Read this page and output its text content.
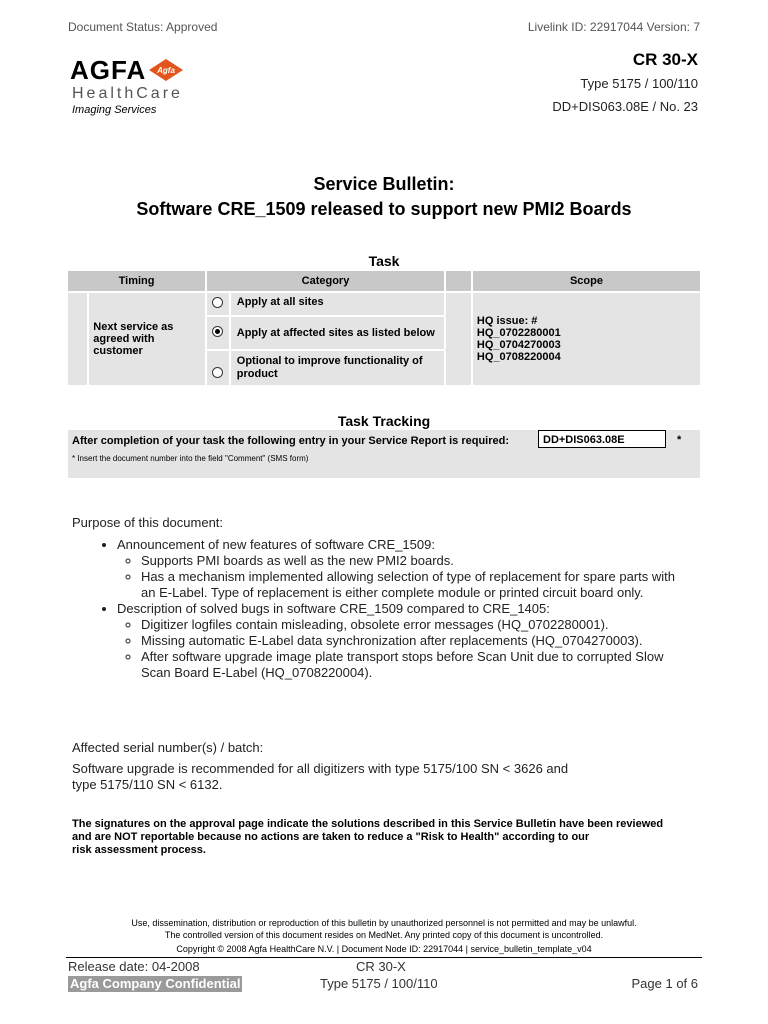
Document Status: Approved	Livelink ID: 22917044 Version: 7
AGFA Agfa
HealthCare
Imaging Services
CR 30-X
Type 5175 / 100/110
DD+DIS063.08E / No. 23
Service Bulletin:
Software CRE_1509 released to support new PMI2 Boards
Task
Timing		Category			Scope

	Next service as agreed with customer		Apply at all sites		HQ issue: #
HQ_0702280001
HQ_0704270003
HQ_0708220004

			Apply at affected sites as listed below		

			Optional to improve functionality of product		
Task Tracking
After completion of your task the following entry in your Service Report is required:	DD+DIS063.08E	*
* Insert the document number into the field "Comment" (SMS form)
Purpose of this document:
• Announcement of new features of software CRE_1509:
◦ Supports PMI boards as well as the new PMI2 boards.
◦ Has a mechanism implemented allowing selection of type of replacement for spare parts with an E-Label. Type of replacement is either complete module or printed circuit board only.
• Description of solved bugs in software CRE_1509 compared to CRE_1405:
◦ Digitizer logfiles contain misleading, obsolete error messages (HQ_0702280001).
◦ Missing automatic E-Label data synchronization after replacements (HQ_0704270003).
◦ After software upgrade image plate transport stops before Scan Unit due to corrupted Slow Scan Board E-Label (HQ_0708220004).
Affected serial number(s) / batch:
Software upgrade is recommended for all digitizers with type 5175/100 SN < 3626 and
type 5175/110 SN < 6132.
The signatures on the approval page indicate the solutions described in this Service Bulletin have been reviewed
and are NOT reportable because no actions are taken to reduce a "Risk to Health" according to our
risk assessment process.
Use, dissemination, distribution or reproduction of this bulletin by unauthorized personnel is not permitted and may be unlawful.
The controlled version of this document resides on MedNet. Any printed copy of this document is uncontrolled.
Copyright © 2008 Agfa HealthCare N.V. | Document Node ID: 22917044 | service_bulletin_template_v04
Release date: 04-2008	CR 30-X
Agfa Company Confidential	Type 5175 / 100/110	Page 1 of 6
